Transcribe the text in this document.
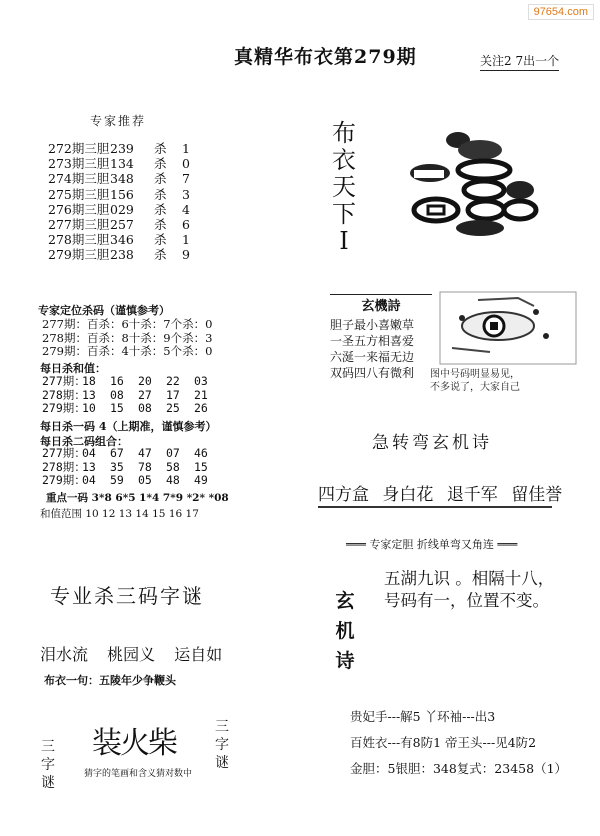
97654.com
真精华布衣第279期	关注2 7出一个
专家推荐
272期三胆239 杀 1
273期三胆134 杀 0
274期三胆348 杀 7
275期三胆156 杀 3
276期三胆029 杀 4
277期三胆257 杀 6
278期三胆346 杀 1
279期三胆238 杀 9
专家定位杀码（谨慎参考）
277期：百杀：6十杀：7个杀：0
278期：百杀：8十杀：9个杀：3
279期：百杀：4十杀：5个杀：0
每日杀和值：
277期：18 16 20 22 03
278期：13 08 27 17 21
279期：10 15 08 25 26
每日杀一码 4（上期准，谨慎参考）
每日杀二码组合：
277期：04 67 47 07 46
278期：13 35 78 58 15
279期：04 59 05 48 49
重点一码 3*8 6*5 1*4 7*9 *2* *08
和值范围 10 12 13 14 15 16 17
专业杀三码字谜
泪水流 桃园义 运自如
布衣一句：五陵年少争鞭头
三字谜
三字谜
装火柴
猜字的笔画和含义猜对数中
布衣天下I
玄機詩
胆子最小喜嫩草
一圣五方相喜爱
六涎一来福无边
双码四八有微利	图中号码明显易见，
不多说了，大家自己
急转弯玄机诗
四方盒 身白花 退千军 留佳誉
═══ 专家定胆 折线单弯又角连 ═══
玄机诗
五湖九识 。相隔十八，
号码有一，位置不变。
贵妃手---解5 丫环袖---出3
百姓衣---有8防1 帝王头---见4防2
金胆：5银胆：348复式：23458（1）
